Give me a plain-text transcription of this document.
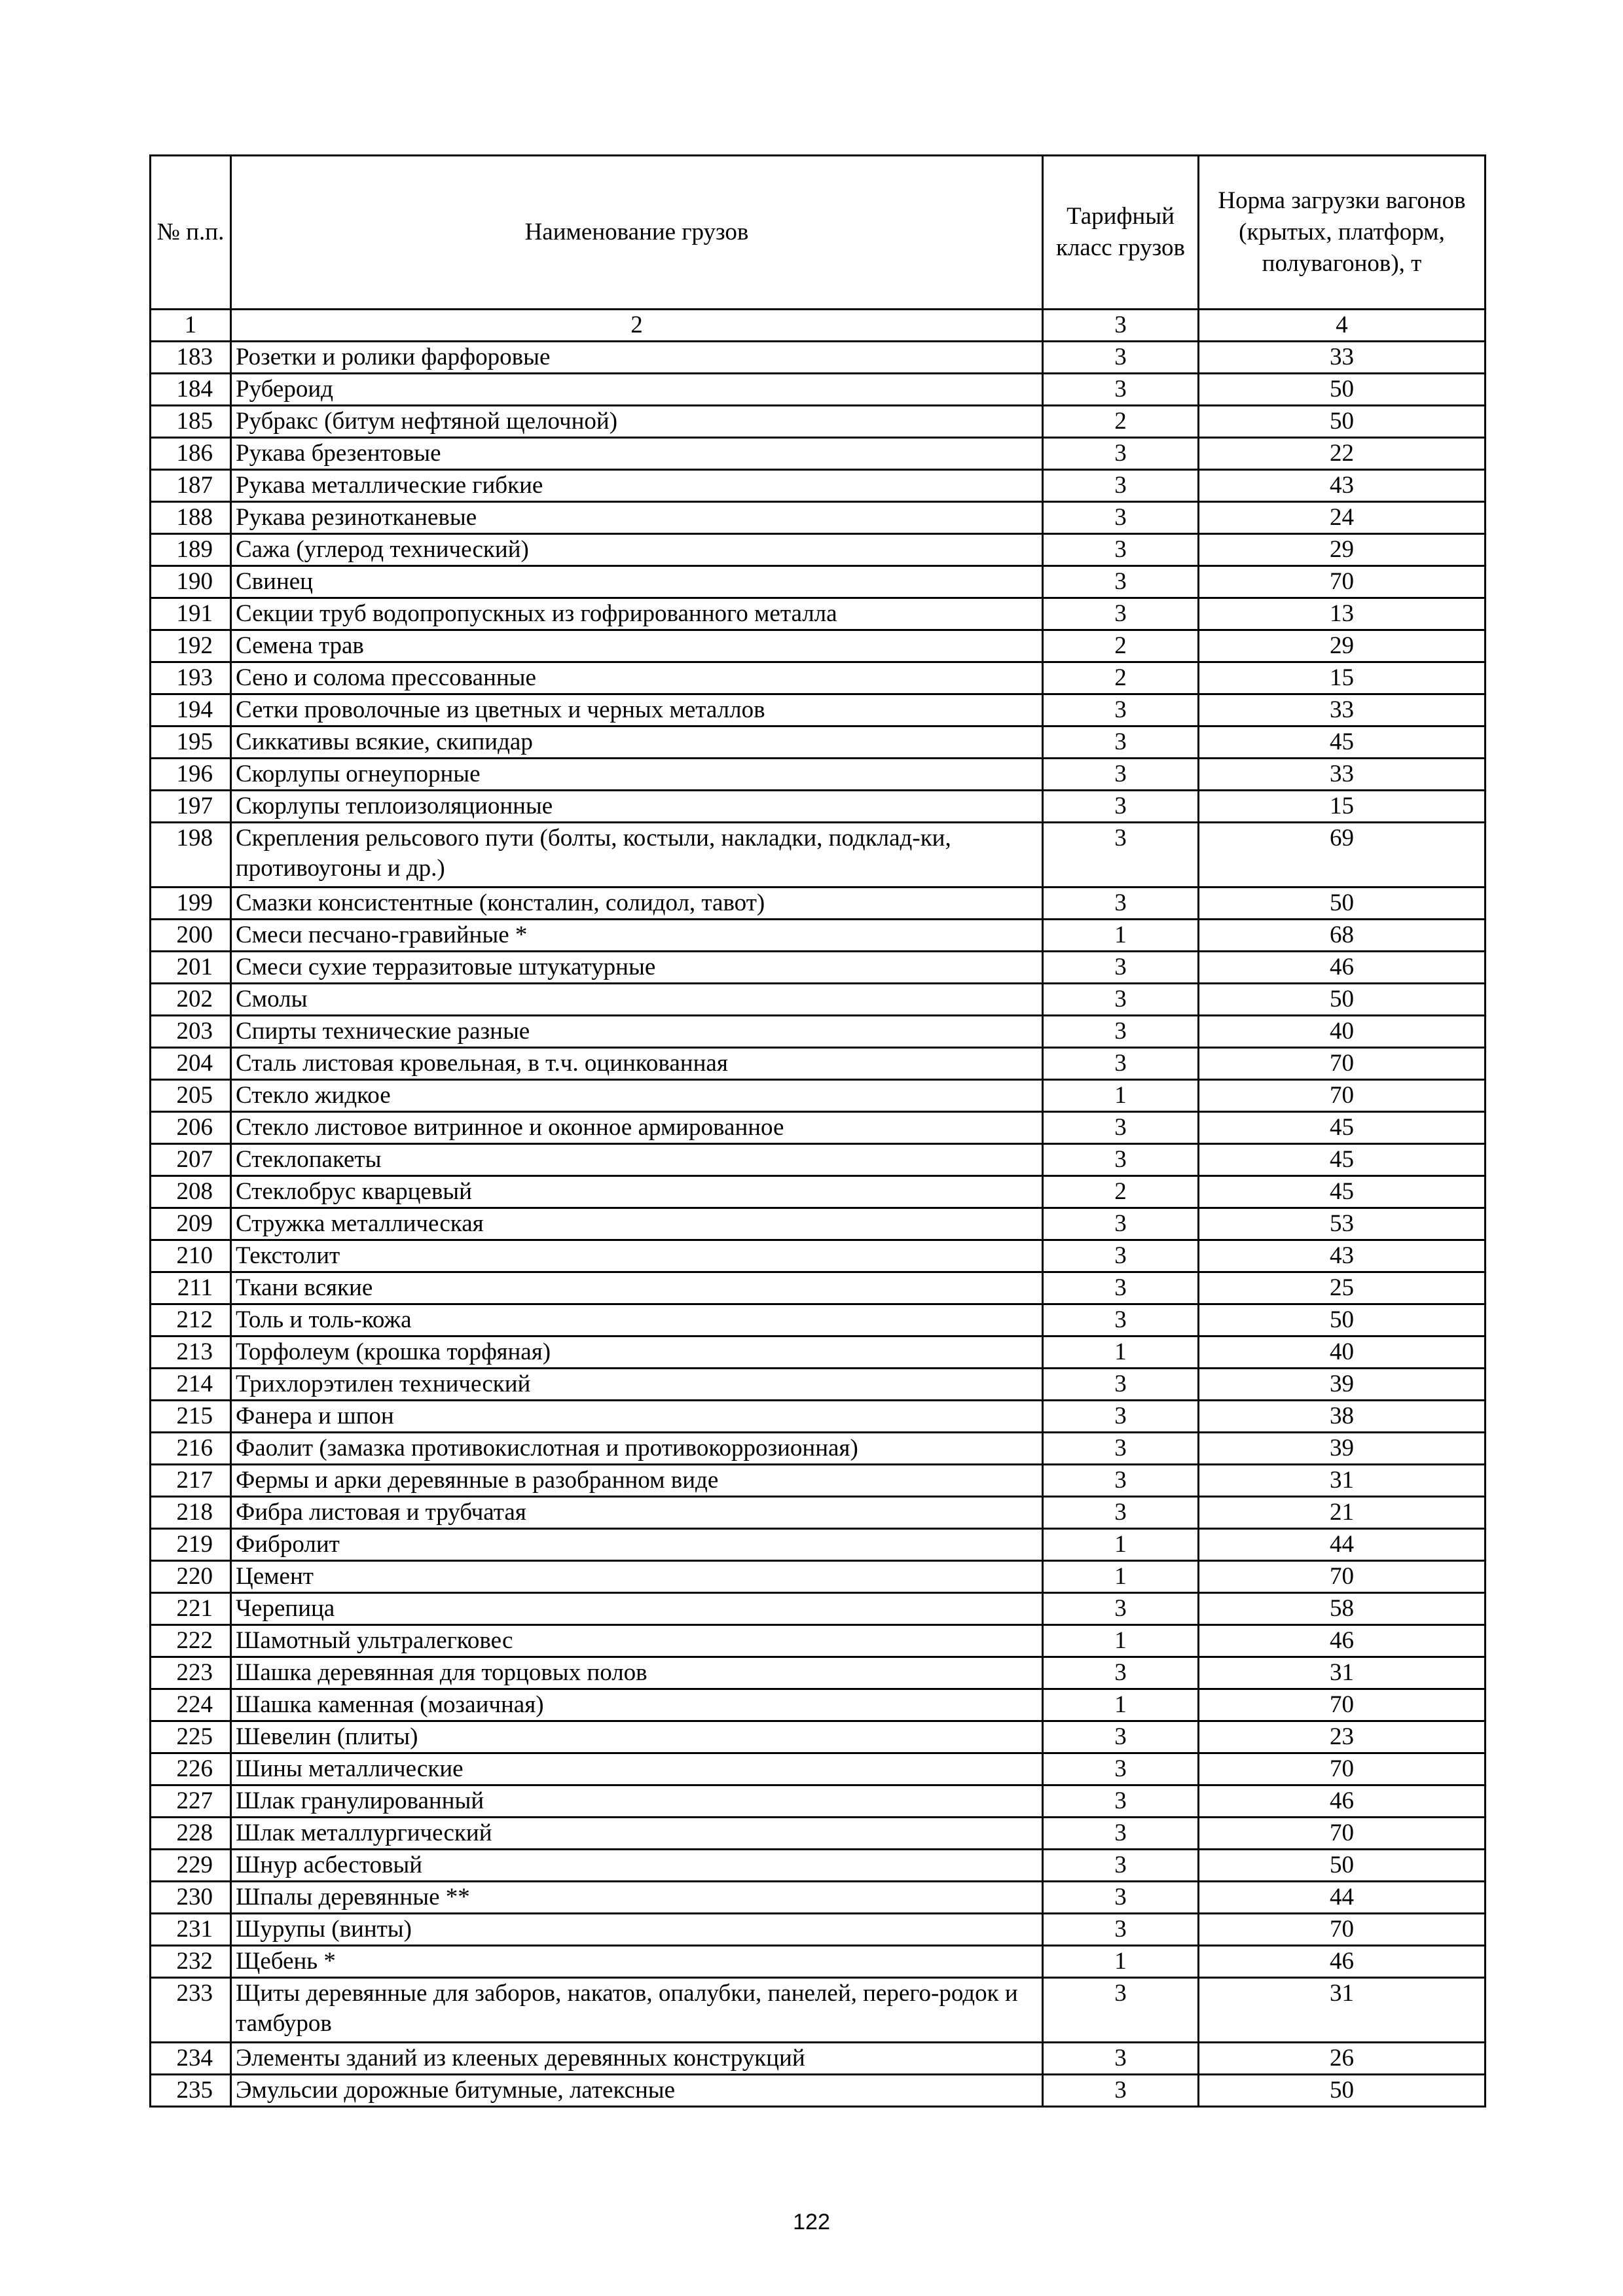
№ п.п.	Наименование грузов	Тарифный класс грузов	Норма загрузки вагонов (крытых, платформ, полувагонов), т
1	2	3	4
183	Розетки и ролики фарфоровые	3	33
184	Рубероид	3	50
185	Рубракс (битум нефтяной щелочной)	2	50
186	Рукава брезентовые	3	22
187	Рукава металлические гибкие	3	43
188	Рукава резинотканевые	3	24
189	Сажа (углерод технический)	3	29
190	Свинец	3	70
191	Секции труб водопропускных из гофрированного металла	3	13
192	Семена трав	2	29
193	Сено и солома прессованные	2	15
194	Сетки проволочные из цветных и черных металлов	3	33
195	Сиккативы всякие, скипидар	3	45
196	Скорлупы огнеупорные	3	33
197	Скорлупы теплоизоляционные	3	15
198	Скрепления рельсового пути (болты, костыли, накладки, подклад-ки, противоугоны и др.)	3	69
199	Смазки консистентные (консталин, солидол, тавот)	3	50
200	Смеси песчано-гравийные *	1	68
201	Смеси сухие терразитовые штукатурные	3	46
202	Смолы	3	50
203	Спирты технические разные	3	40
204	Сталь листовая кровельная, в т.ч. оцинкованная	3	70
205	Стекло жидкое	1	70
206	Стекло листовое витринное и оконное армированное	3	45
207	Стеклопакеты	3	45
208	Стеклобрус кварцевый	2	45
209	Стружка металлическая	3	53
210	Текстолит	3	43
211	Ткани всякие	3	25
212	Толь и толь-кожа	3	50
213	Торфолеум (крошка торфяная)	1	40
214	Трихлорэтилен технический	3	39
215	Фанера и шпон	3	38
216	Фаолит (замазка противокислотная и противокоррозионная)	3	39
217	Фермы и арки деревянные в разобранном виде	3	31
218	Фибра листовая и трубчатая	3	21
219	Фибролит	1	44
220	Цемент	1	70
221	Черепица	3	58
222	Шамотный ультралегковес	1	46
223	Шашка деревянная для торцовых полов	3	31
224	Шашка каменная (мозаичная)	1	70
225	Шевелин (плиты)	3	23
226	Шины металлические	3	70
227	Шлак гранулированный	3	46
228	Шлак металлургический	3	70
229	Шнур асбестовый	3	50
230	Шпалы деревянные **	3	44
231	Шурупы (винты)	3	70
232	Щебень *	1	46
233	Щиты деревянные для заборов, накатов, опалубки, панелей, перего-родок и тамбуров	3	31
234	Элементы зданий из клееных деревянных конструкций	3	26
235	Эмульсии дорожные битумные, латексные	3	50
122
